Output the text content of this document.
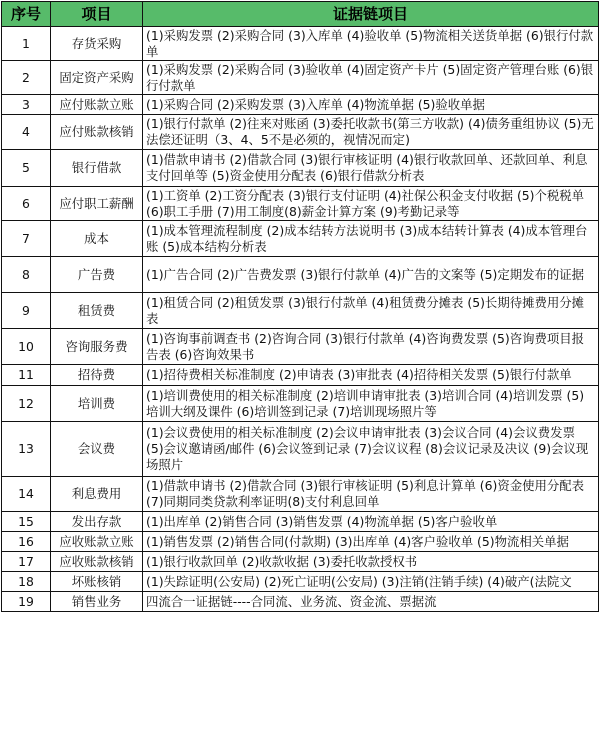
序号	项目	证据链项目
1	存货采购	(1)采购发票 (2)采购合同 (3)入库单 (4)验收单 (5)物流相关送货单据 (6)银行付款单
2	固定资产采购	(1)采购发票 (2)采购合同 (3)验收单 (4)固定资产卡片 (5)固定资产管理台账 (6)银行付款单
3	应付账款立账	(1)采购合同 (2)采购发票 (3)入库单 (4)物流单据 (5)验收单据
4	应付账款核销	(1)银行付款单 (2)往来对账函 (3)委托收款书(第三方收款) (4)债务重组协议 (5)无法偿还证明（3、4、5不是必须的，视情况而定)
5	银行借款	(1)借款申请书 (2)借款合同 (3)银行审核证明 (4)银行收款回单、还款回单、利息支付回单等 (5)资金使用分配表 (6)银行借款分析表
6	应付职工薪酬	(1)工资单 (2)工资分配表 (3)银行支付证明 (4)社保公积金支付收据 (5)个税税单 (6)职工手册 (7)用工制度(8)薪金计算方案 (9)考勤记录等
7	成本	(1)成本管理流程制度 (2)成本结转方法说明书 (3)成本结转计算表 (4)成本管理台账 (5)成本结构分析表
8	广告费	(1)广告合同 (2)广告费发票 (3)银行付款单 (4)广告的文案等 (5)定期发布的证据
9	租赁费	(1)租赁合同 (2)租赁发票 (3)银行付款单 (4)租赁费分摊表 (5)长期待摊费用分摊表
10	咨询服务费	(1)咨询事前调查书 (2)咨询合同 (3)银行付款单 (4)咨询费发票 (5)咨询费项目报告表 (6)咨询效果书
11	招待费	(1)招待费相关标准制度 (2)申请表 (3)审批表 (4)招待相关发票 (5)银行付款单
12	培训费	(1)培训费使用的相关标准制度 (2)培训申请审批表 (3)培训合同 (4)培训发票 (5)培训大纲及课件 (6)培训签到记录 (7)培训现场照片等
13	会议费	(1)会议费使用的相关标准制度 (2)会议申请审批表 (3)会议合同 (4)会议费发票 (5)会议邀请函/邮件 (6)会议签到记录 (7)会议议程 (8)会议记录及决议 (9)会议现场照片
14	利息费用	(1)借款申请书 (2)借款合同 (3)银行审核证明 (5)利息计算单 (6)资金使用分配表 (7)同期同类贷款利率证明(8)支付利息回单
15	发出存款	(1)出库单 (2)销售合同 (3)销售发票 (4)物流单据 (5)客户验收单
16	应收账款立账	(1)销售发票 (2)销售合同(付款期) (3)出库单 (4)客户验收单 (5)物流相关单据
17	应收账款核销	(1)银行收款回单 (2)收款收据 (3)委托收款授权书
18	坏账核销	(1)失踪证明(公安局) (2)死亡证明(公安局) (3)注销(注销手续) (4)破产(法院文
19	销售业务	四流合一证据链----合同流、业务流、资金流、票据流
